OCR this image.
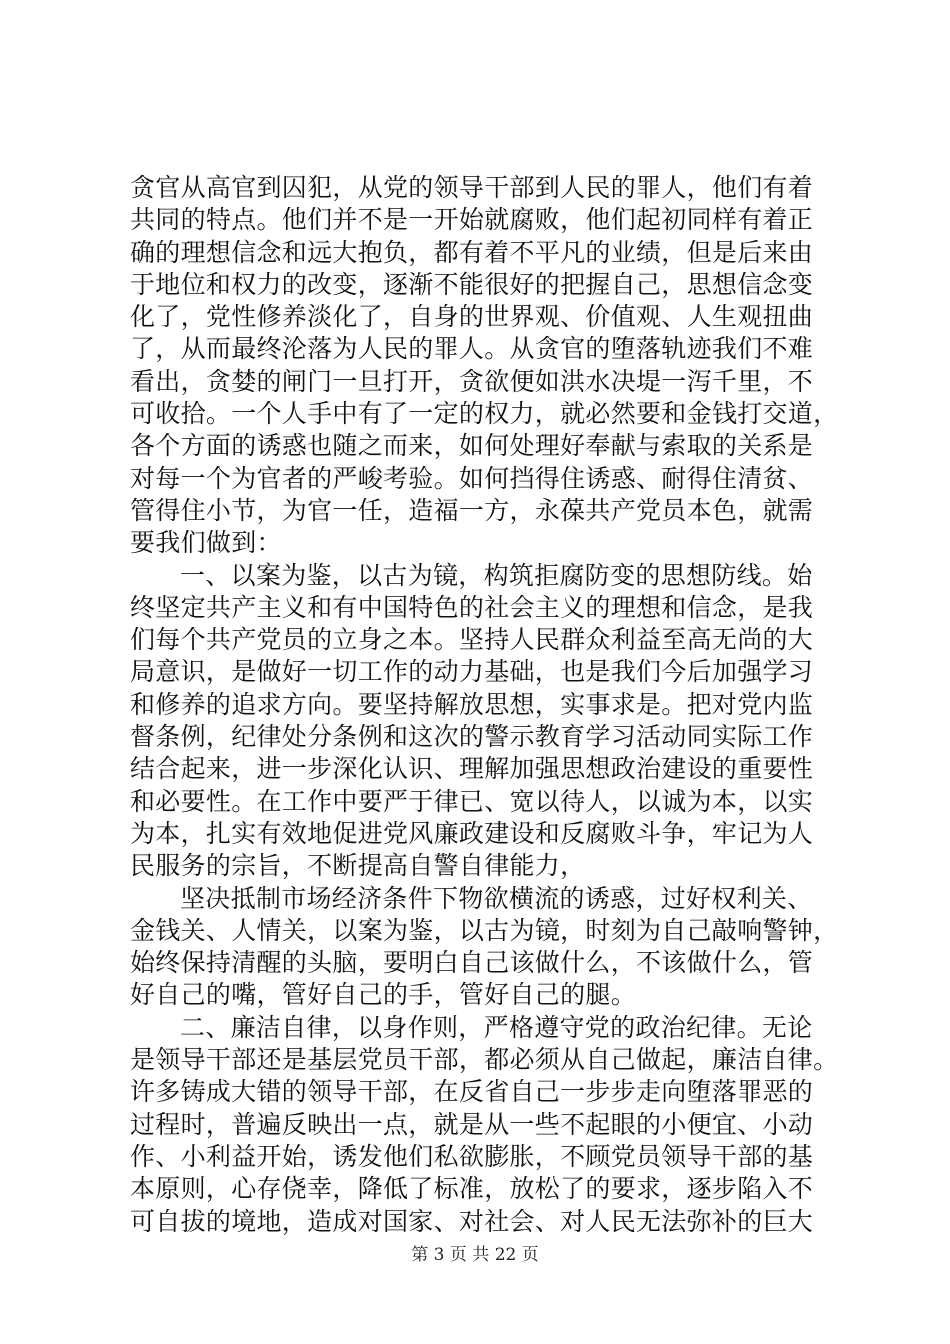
贪官从高官到囚犯，从党的领导干部到人民的罪人，他们有着
共同的特点。他们并不是一开始就腐败，他们起初同样有着正
确的理想信念和远大抱负，都有着不平凡的业绩，但是后来由
于地位和权力的改变，逐渐不能很好的把握自己，思想信念变
化了，党性修养淡化了，自身的世界观、价值观、人生观扭曲
了，从而最终沦落为人民的罪人。从贪官的堕落轨迹我们不难
看出，贪婪的闸门一旦打开，贪欲便如洪水决堤一泻千里，不
可收拾。一个人手中有了一定的权力，就必然要和金钱打交道，
各个方面的诱惑也随之而来，如何处理好奉献与索取的关系是
对每一个为官者的严峻考验。如何挡得住诱惑、耐得住清贫、
管得住小节，为官一任，造福一方，永葆共产党员本色，就需
要我们做到：
一、以案为鉴，以古为镜，构筑拒腐防变的思想防线。始
终坚定共产主义和有中国特色的社会主义的理想和信念，是我
们每个共产党员的立身之本。坚持人民群众利益至高无尚的大
局意识，是做好一切工作的动力基础，也是我们今后加强学习
和修养的追求方向。要坚持解放思想，实事求是。把对党内监
督条例，纪律处分条例和这次的警示教育学习活动同实际工作
结合起来，进一步深化认识、理解加强思想政治建设的重要性
和必要性。在工作中要严于律已、宽以待人，以诚为本，以实
为本，扎实有效地促进党风廉政建设和反腐败斗争，牢记为人
民服务的宗旨，不断提高自警自律能力，
坚决抵制市场经济条件下物欲横流的诱惑，过好权利关、
金钱关、人情关，以案为鉴，以古为镜，时刻为自己敲响警钟，
始终保持清醒的头脑，要明白自己该做什么，不该做什么，管
好自己的嘴，管好自己的手，管好自己的腿。
二、廉洁自律，以身作则，严格遵守党的政治纪律。无论
是领导干部还是基层党员干部，都必须从自己做起，廉洁自律。
许多铸成大错的领导干部，在反省自己一步步走向堕落罪恶的
过程时，普遍反映出一点，就是从一些不起眼的小便宜、小动
作、小利益开始，诱发他们私欲膨胀，不顾党员领导干部的基
本原则，心存侥幸，降低了标准，放松了的要求，逐步陷入不
可自拔的境地，造成对国家、对社会、对人民无法弥补的巨大
第 3 页 共 22 页
